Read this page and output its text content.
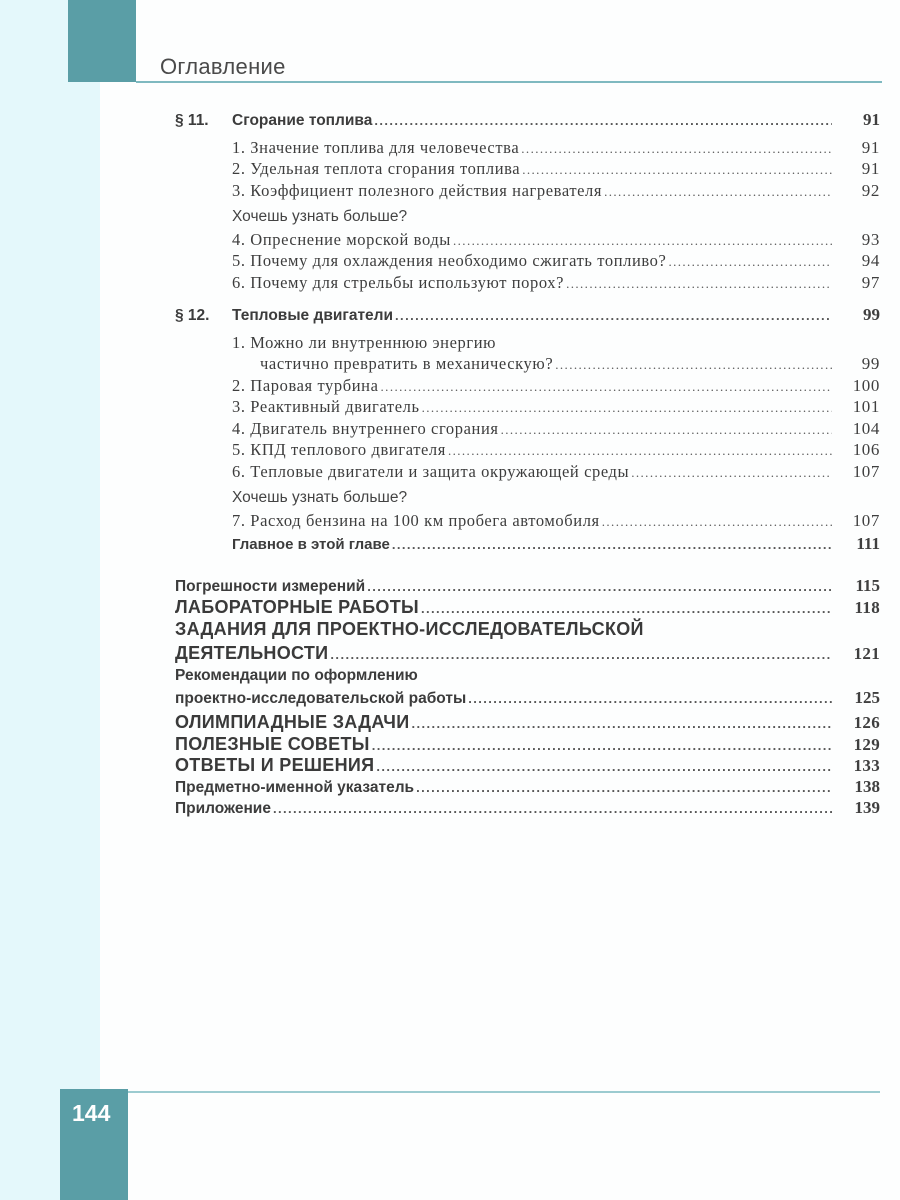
Оглавление
§ 11. Сгорание топлива .....	91
1. Значение топлива для человечества .....	91
2. Удельная теплота сгорания топлива .....	91
3. Коэффициент полезного действия нагревателя .....	92
Хочешь узнать больше?
4. Опреснение морской воды .....	93
5. Почему для охлаждения необходимо сжигать топливо? .....	94
6. Почему для стрельбы используют порох? .....	97
§ 12. Тепловые двигатели .....	99
1. Можно ли внутреннюю энергию
частично превратить в механическую? .....	99
2. Паровая турбина .....	100
3. Реактивный двигатель .....	101
4. Двигатель внутреннего сгорания .....	104
5. КПД теплового двигателя .....	106
6. Тепловые двигатели и защита окружающей среды .....	107
Хочешь узнать больше?
7. Расход бензина на 100 км пробега автомобиля .....	107
Главное в этой главе .....	111
Погрешности измерений .....	115
ЛАБОРАТОРНЫЕ РАБОТЫ .....	118
ЗАДАНИЯ ДЛЯ ПРОЕКТНО-ИССЛЕДОВАТЕЛЬСКОЙ
ДЕЯТЕЛЬНОСТИ .....	121
Рекомендации по оформлению
проектно-исследовательской работы .....	125
ОЛИМПИАДНЫЕ ЗАДАЧИ .....	126
ПОЛЕЗНЫЕ СОВЕТЫ .....	129
ОТВЕТЫ И РЕШЕНИЯ .....	133
Предметно-именной указатель .....	138
Приложение .....	139
144
